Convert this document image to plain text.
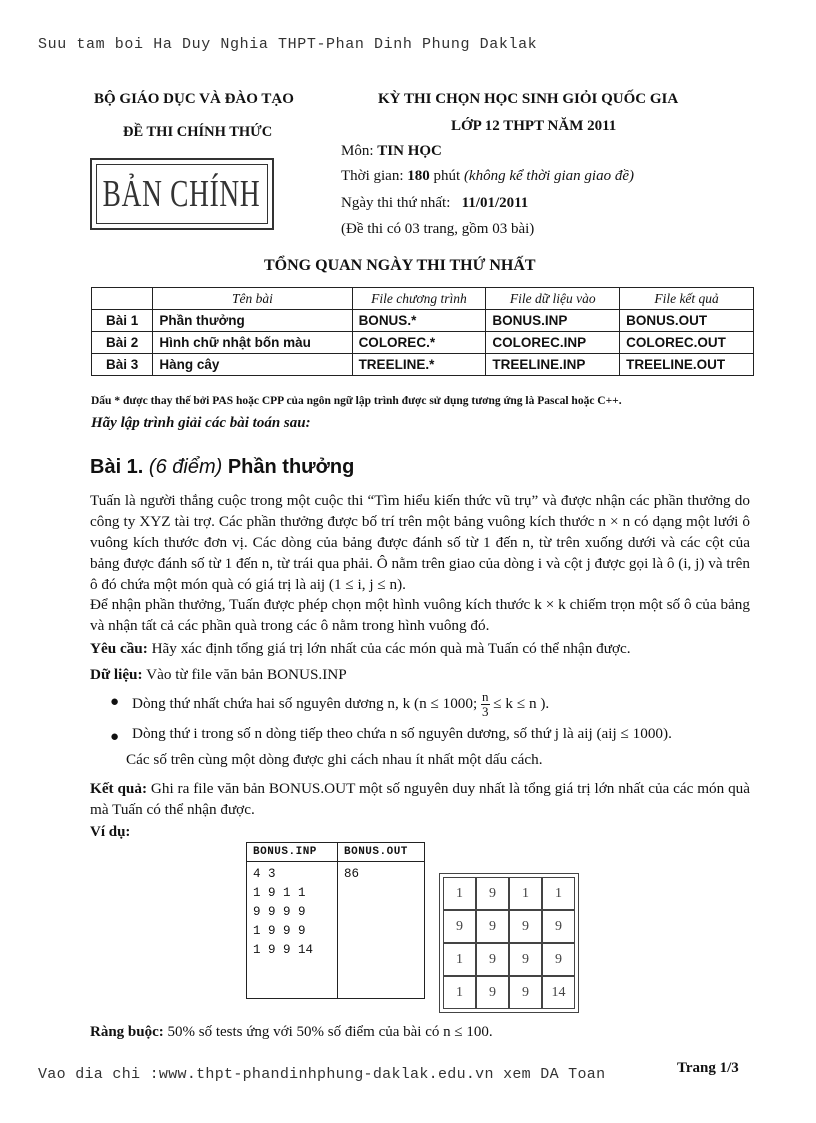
Suu tam boi Ha Duy Nghia THPT-Phan Dinh Phung Daklak
BỘ GIÁO DỤC VÀ ĐÀO TẠO
ĐỀ THI CHÍNH THỨC
BẢN CHÍNH
KỲ THI CHỌN HỌC SINH GIỎI QUỐC GIA
LỚP 12 THPT NĂM 2011
Môn: TIN HỌC
Thời gian: 180 phút (không kể thời gian giao đề)
Ngày thi thứ nhất: 11/01/2011
(Đề thi có 03 trang, gồm 03 bài)
TỔNG QUAN NGÀY THI THỨ NHẤT
	Tên bài	File chương trình	File dữ liệu vào	File kết quả
Bài 1	Phần thưởng	BONUS.*	BONUS.INP	BONUS.OUT
Bài 2	Hình chữ nhật bốn màu	COLOREC.*	COLOREC.INP	COLOREC.OUT
Bài 3	Hàng cây	TREELINE.*	TREELINE.INP	TREELINE.OUT
Dấu * được thay thế bởi PAS hoặc CPP của ngôn ngữ lập trình được sử dụng tương ứng là Pascal hoặc C++.
Hãy lập trình giải các bài toán sau:
Bài 1. (6 điểm) Phần thưởng
Tuấn là người thắng cuộc trong một cuộc thi “Tìm hiểu kiến thức vũ trụ” và được nhận các phần thưởng do công ty XYZ tài trợ. Các phần thưởng được bố trí trên một bảng vuông kích thước n × n có dạng một lưới ô vuông kích thước đơn vị. Các dòng của bảng được đánh số từ 1 đến n, từ trên xuống dưới và các cột của bảng được đánh số từ 1 đến n, từ trái qua phải. Ô nằm trên giao của dòng i và cột j được gọi là ô (i, j) và trên ô đó chứa một món quà có giá trị là aij (1 ≤ i, j ≤ n).
Để nhận phần thưởng, Tuấn được phép chọn một hình vuông kích thước k × k chiếm trọn một số ô của bảng và nhận tất cả các phần quà trong các ô nằm trong hình vuông đó.
Yêu cầu: Hãy xác định tổng giá trị lớn nhất của các món quà mà Tuấn có thể nhận được.
Dữ liệu: Vào từ file văn bản BONUS.INP
● Dòng thứ nhất chứa hai số nguyên dương n, k (n ≤ 1000; $\frac{n}{3} \le k \le n$ ).
● Dòng thứ i trong số n dòng tiếp theo chứa n số nguyên dương, số thứ j là aij (aij ≤ 1000).
Các số trên cùng một dòng được ghi cách nhau ít nhất một dấu cách.
Kết quả: Ghi ra file văn bản BONUS.OUT một số nguyên duy nhất là tổng giá trị lớn nhất của các món quà mà Tuấn có thể nhận được.
Ví dụ:
BONUS.INP	BONUS.OUT

4 3
1 9 1 1
9 9 9 9
1 9 9 9
1 9 9 14	86
1	9	1	1
9	9	9	9
1	9	9	9
1	9	9	14
Ràng buộc: 50% số tests ứng với 50% số điểm của bài có n ≤ 100.
Vao dia chi :www.thpt-phandinhphung-daklak.edu.vn xem DA Toan	Trang 1/3
